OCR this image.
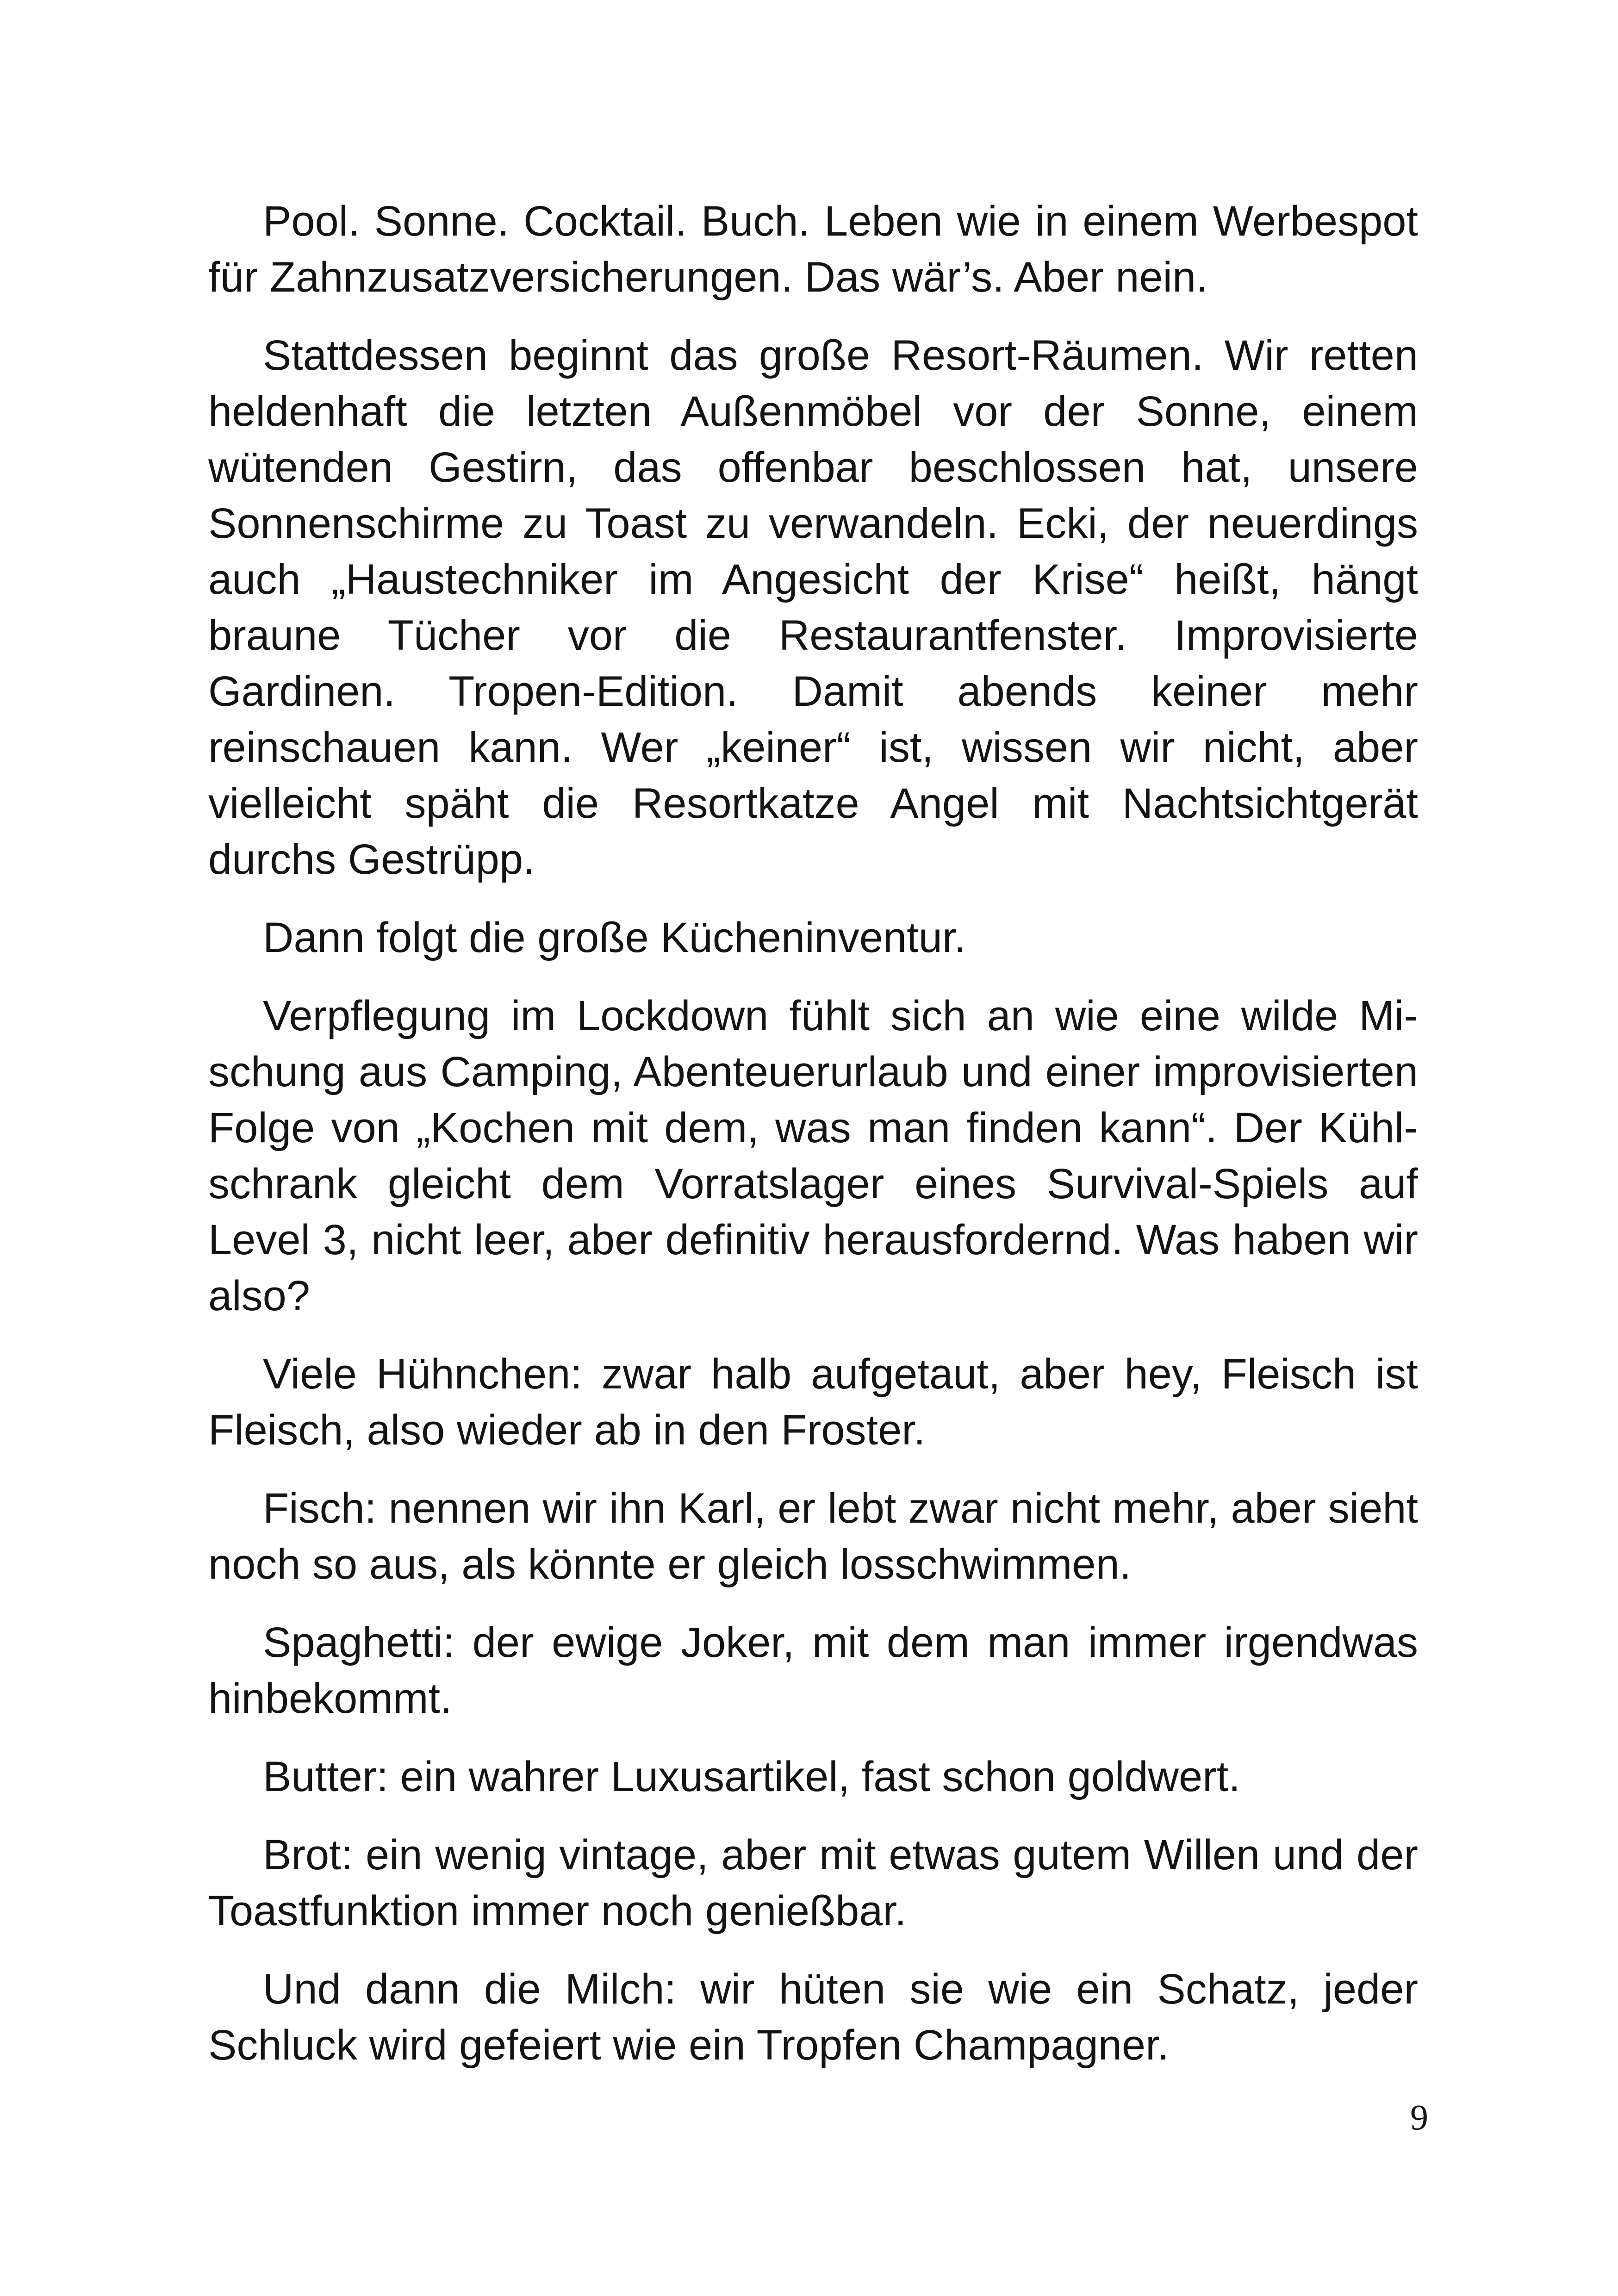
Pool. Sonne. Cocktail. Buch. Leben wie in einem Werbespot für Zahnzusatzversicherungen. Das wär’s. Aber nein.

Stattdessen beginnt das große Resort-Räumen. Wir retten heldenhaft die letzten Außenmöbel vor der Sonne, einem wütenden Gestirn, das offenbar beschlossen hat, unsere Sonnenschirme zu Toast zu verwandeln. Ecki, der neuerdings auch „Haustechniker im Angesicht der Krise“ heißt, hängt braune Tücher vor die Restaurantfenster. Improvisierte Gardinen. Tropen-Edition. Damit abends keiner mehr reinschauen kann. Wer „keiner“ ist, wissen wir nicht, aber vielleicht späht die Resortkatze Angel mit Nachtsichtgerät durchs Gestrüpp.

Dann folgt die große Kücheninventur.

Verpflegung im Lockdown fühlt sich an wie eine wilde Mischung aus Camping, Abenteuerurlaub und einer improvisierten Folge von „Kochen mit dem, was man finden kann“. Der Kühlschrank gleicht dem Vorratslager eines Survival-Spiels auf Level 3, nicht leer, aber definitiv herausfordernd. Was haben wir also?

Viele Hühnchen: zwar halb aufgetaut, aber hey, Fleisch ist Fleisch, also wieder ab in den Froster.

Fisch: nennen wir ihn Karl, er lebt zwar nicht mehr, aber sieht noch so aus, als könnte er gleich losschwimmen.

Spaghetti: der ewige Joker, mit dem man immer irgendwas hinbekommt.

Butter: ein wahrer Luxusartikel, fast schon goldwert.

Brot: ein wenig vintage, aber mit etwas gutem Willen und der Toastfunktion immer noch genießbar.

Und dann die Milch: wir hüten sie wie ein Schatz, jeder Schluck wird gefeiert wie ein Tropfen Champagner.

9
